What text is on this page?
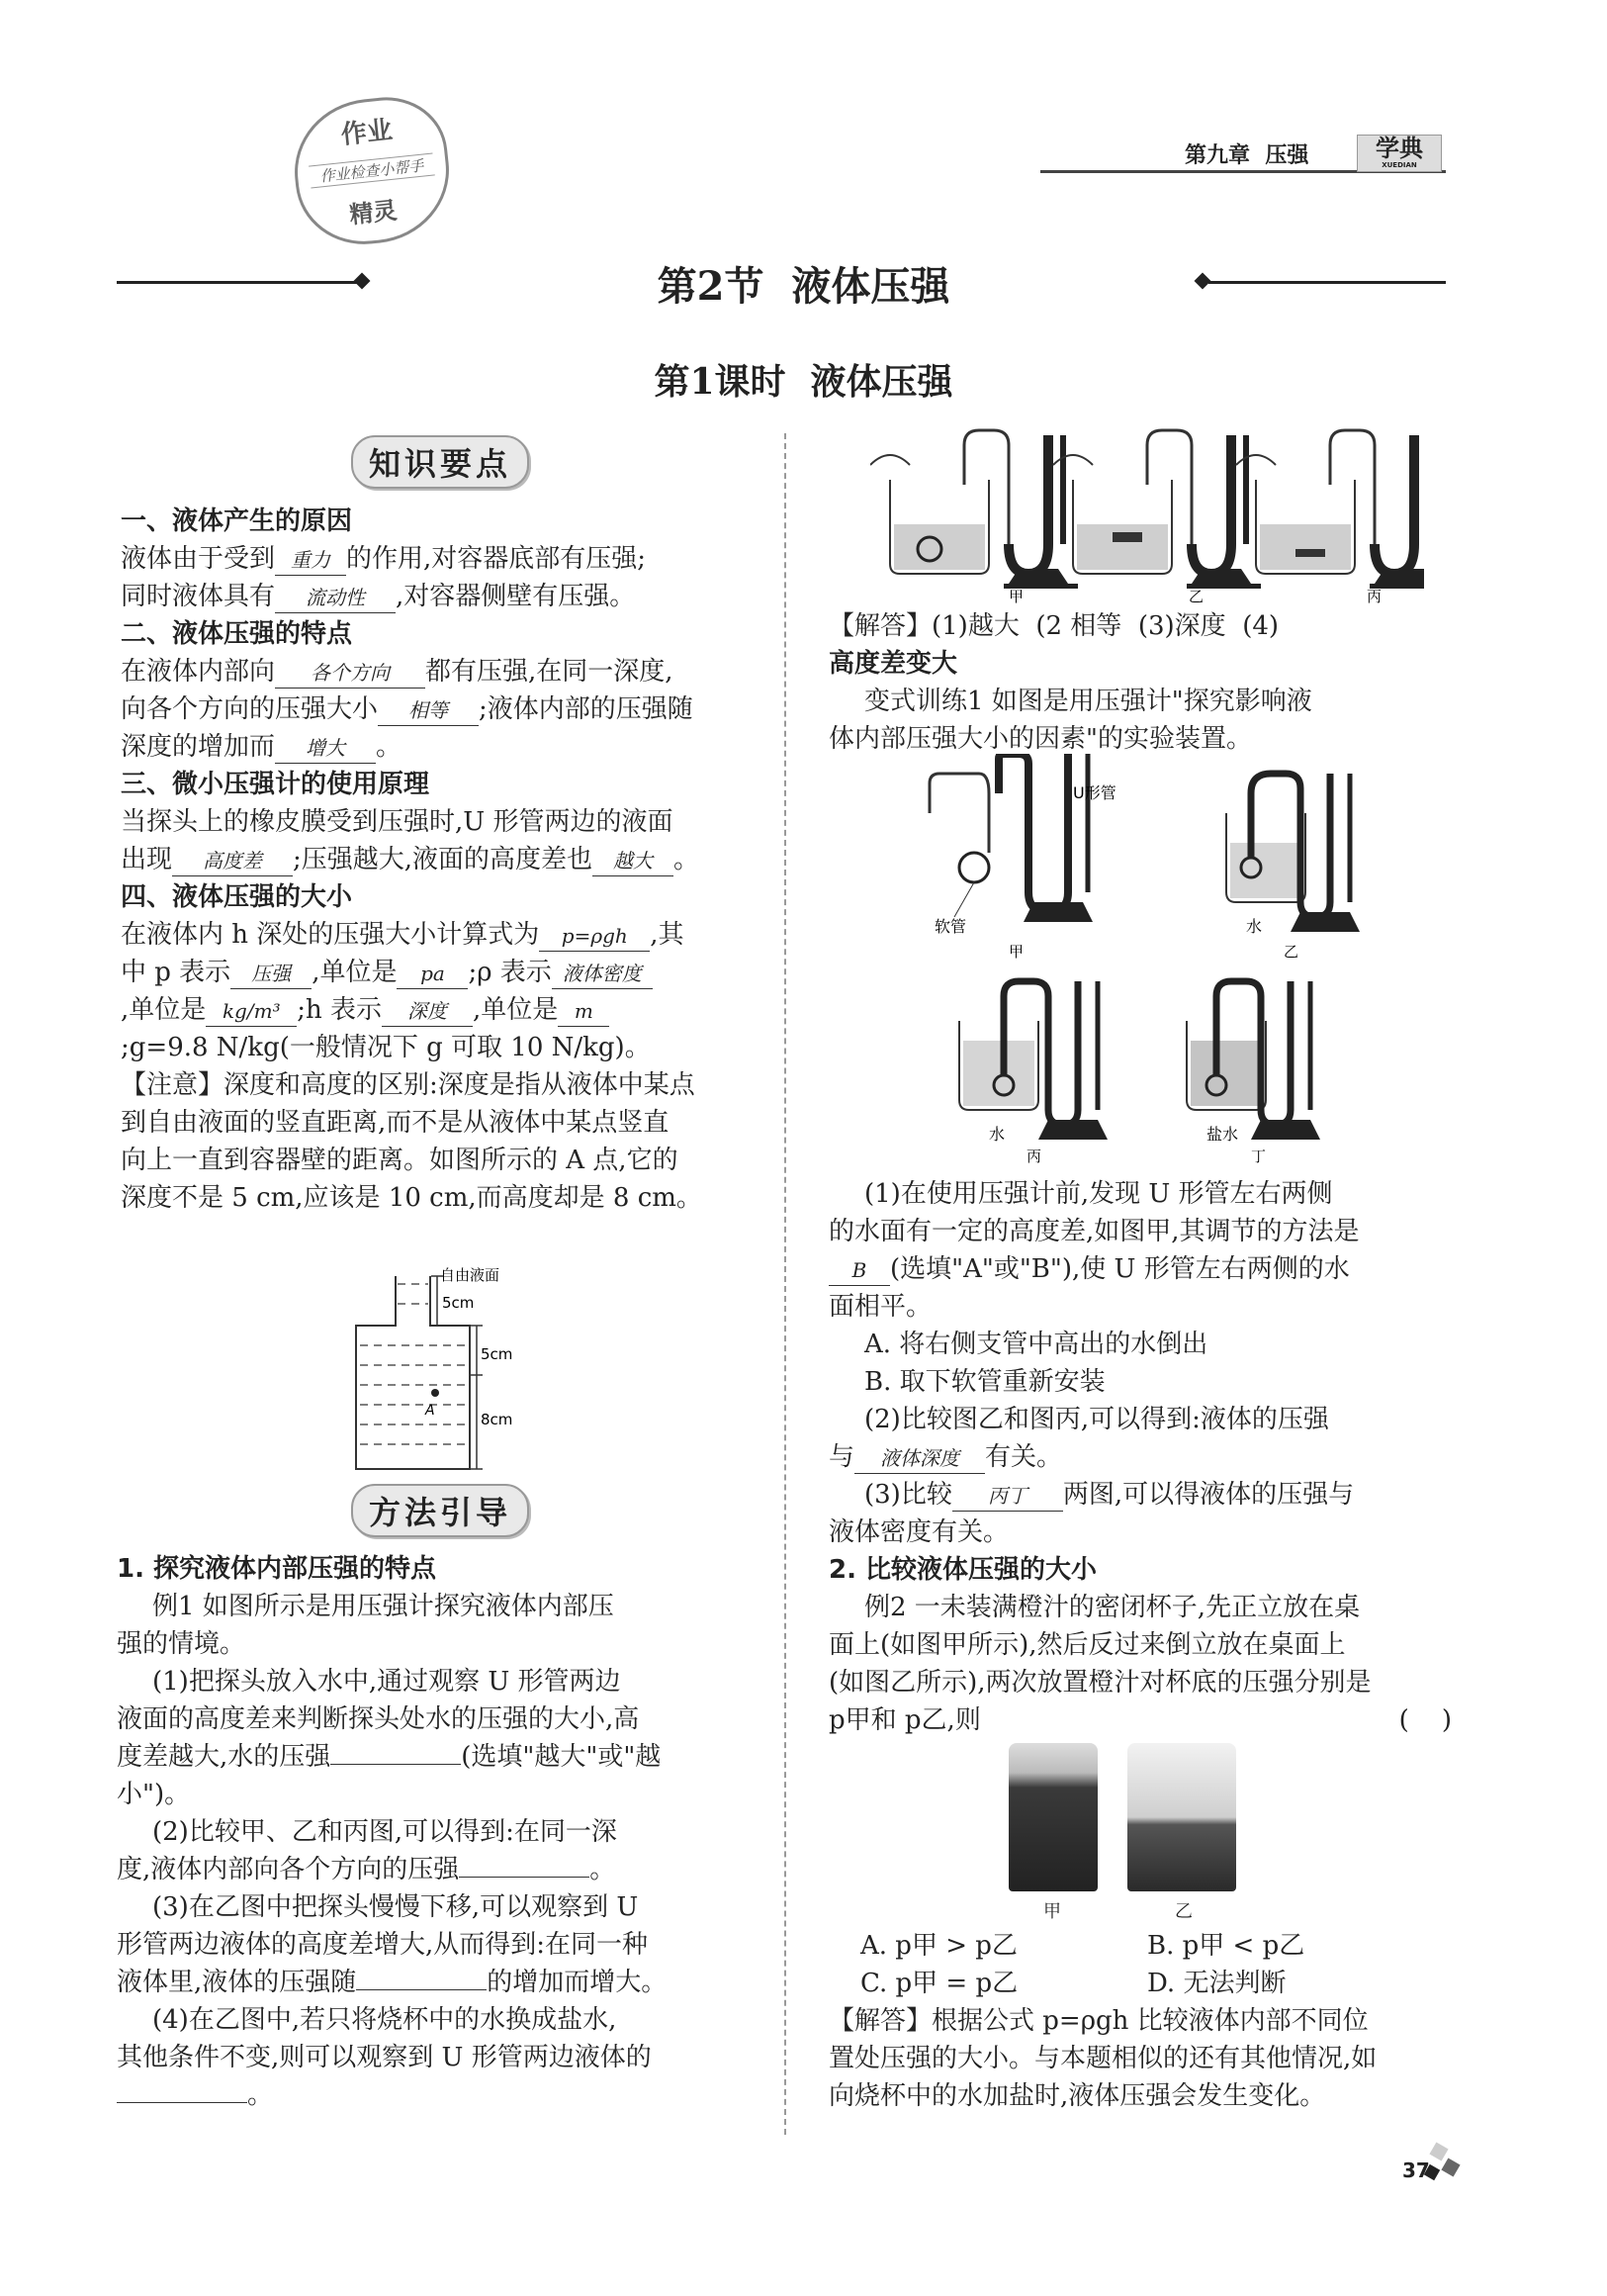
作业
作业检查小帮手
精灵
第九章  压强	学典
XUEDIAN
第2节  液体压强
第1课时  液体压强
知识要点
一、液体产生的原因
液体由于受到 重力 的作用,对容器底部有压强;
同时液体具有 流动性 ,对容器侧壁有压强。
二、液体压强的特点
在液体内部向 各个方向 都有压强,在同一深度,
向各个方向的压强大小 相等 ;液体内部的压强随
深度的增加而 增大 。
三、微小压强计的使用原理
当探头上的橡皮膜受到压强时,U 形管两边的液面
出现 高度差 ;压强越大,液面的高度差也 越大 。
四、液体压强的大小
在液体内 h 深处的压强大小计算式为 p=ρgh ,其
中 p 表示 压强 ,单位是 pa ;ρ 表示 液体密度
,单位是 kg/m³ ;h 表示 深度 ,单位是 m
;g=9.8 N/kg(一般情况下 g 可取 10 N/kg)。
【注意】深度和高度的区别:深度是指从液体中某点
到自由液面的竖直距离,而不是从液体中某点竖直
向上一直到容器壁的距离。如图所示的 A 点,它的
深度不是 5 cm,应该是 10 cm,而高度却是 8 cm。
A
自由液面
5cm
5cm
8cm
方法引导
1. 探究液体内部压强的特点
例1 如图所示是用压强计探究液体内部压
强的情境。
(1)把探头放入水中,通过观察 U 形管两边
液面的高度差来判断探头处水的压强的大小,高
度差越大,水的压强	(选填"越大"或"越
小")。
(2)比较甲、乙和丙图,可以得到:在同一深
度,液体内部向各个方向的压强	。
(3)在乙图中把探头慢慢下移,可以观察到 U
形管两边液体的高度差增大,从而得到:在同一种
液体里,液体的压强随	的增加而增大。
(4)在乙图中,若只将烧杯中的水换成盐水,
其他条件不变,则可以观察到 U 形管两边液体的
。
甲	乙	丙
【解答】(1)越大  (2 相等  (3)深度  (4)
高度差变大
变式训练1 如图是用压强计"探究影响液
体内部压强大小的因素"的实验装置。
U形管
软管
甲
水
乙
水
丙
盐水
丁
(1)在使用压强计前,发现 U 形管左右两侧
的水面有一定的高度差,如图甲,其调节的方法是
B (选填"A"或"B"),使 U 形管左右两侧的水
面相平。
A. 将右侧支管中高出的水倒出
B. 取下软管重新安装
(2)比较图乙和图丙,可以得到:液体的压强
与 液体深度 有关。
(3)比较 丙丁 两图,可以得液体的压强与
液体密度有关。
2. 比较液体压强的大小
例2 一未装满橙汁的密闭杯子,先正立放在桌
面上(如图甲所示),然后反过来倒立放在桌面上
(如图乙所示),两次放置橙汁对杯底的压强分别是
p甲和 p乙,则	(    )
甲	乙
A. p甲 > p乙	B. p甲 < p乙
C. p甲 = p乙	D. 无法判断
【解答】根据公式 p=ρgh 比较液体内部不同位
置处压强的大小。与本题相似的还有其他情况,如
向烧杯中的水加盐时,液体压强会发生变化。
37
